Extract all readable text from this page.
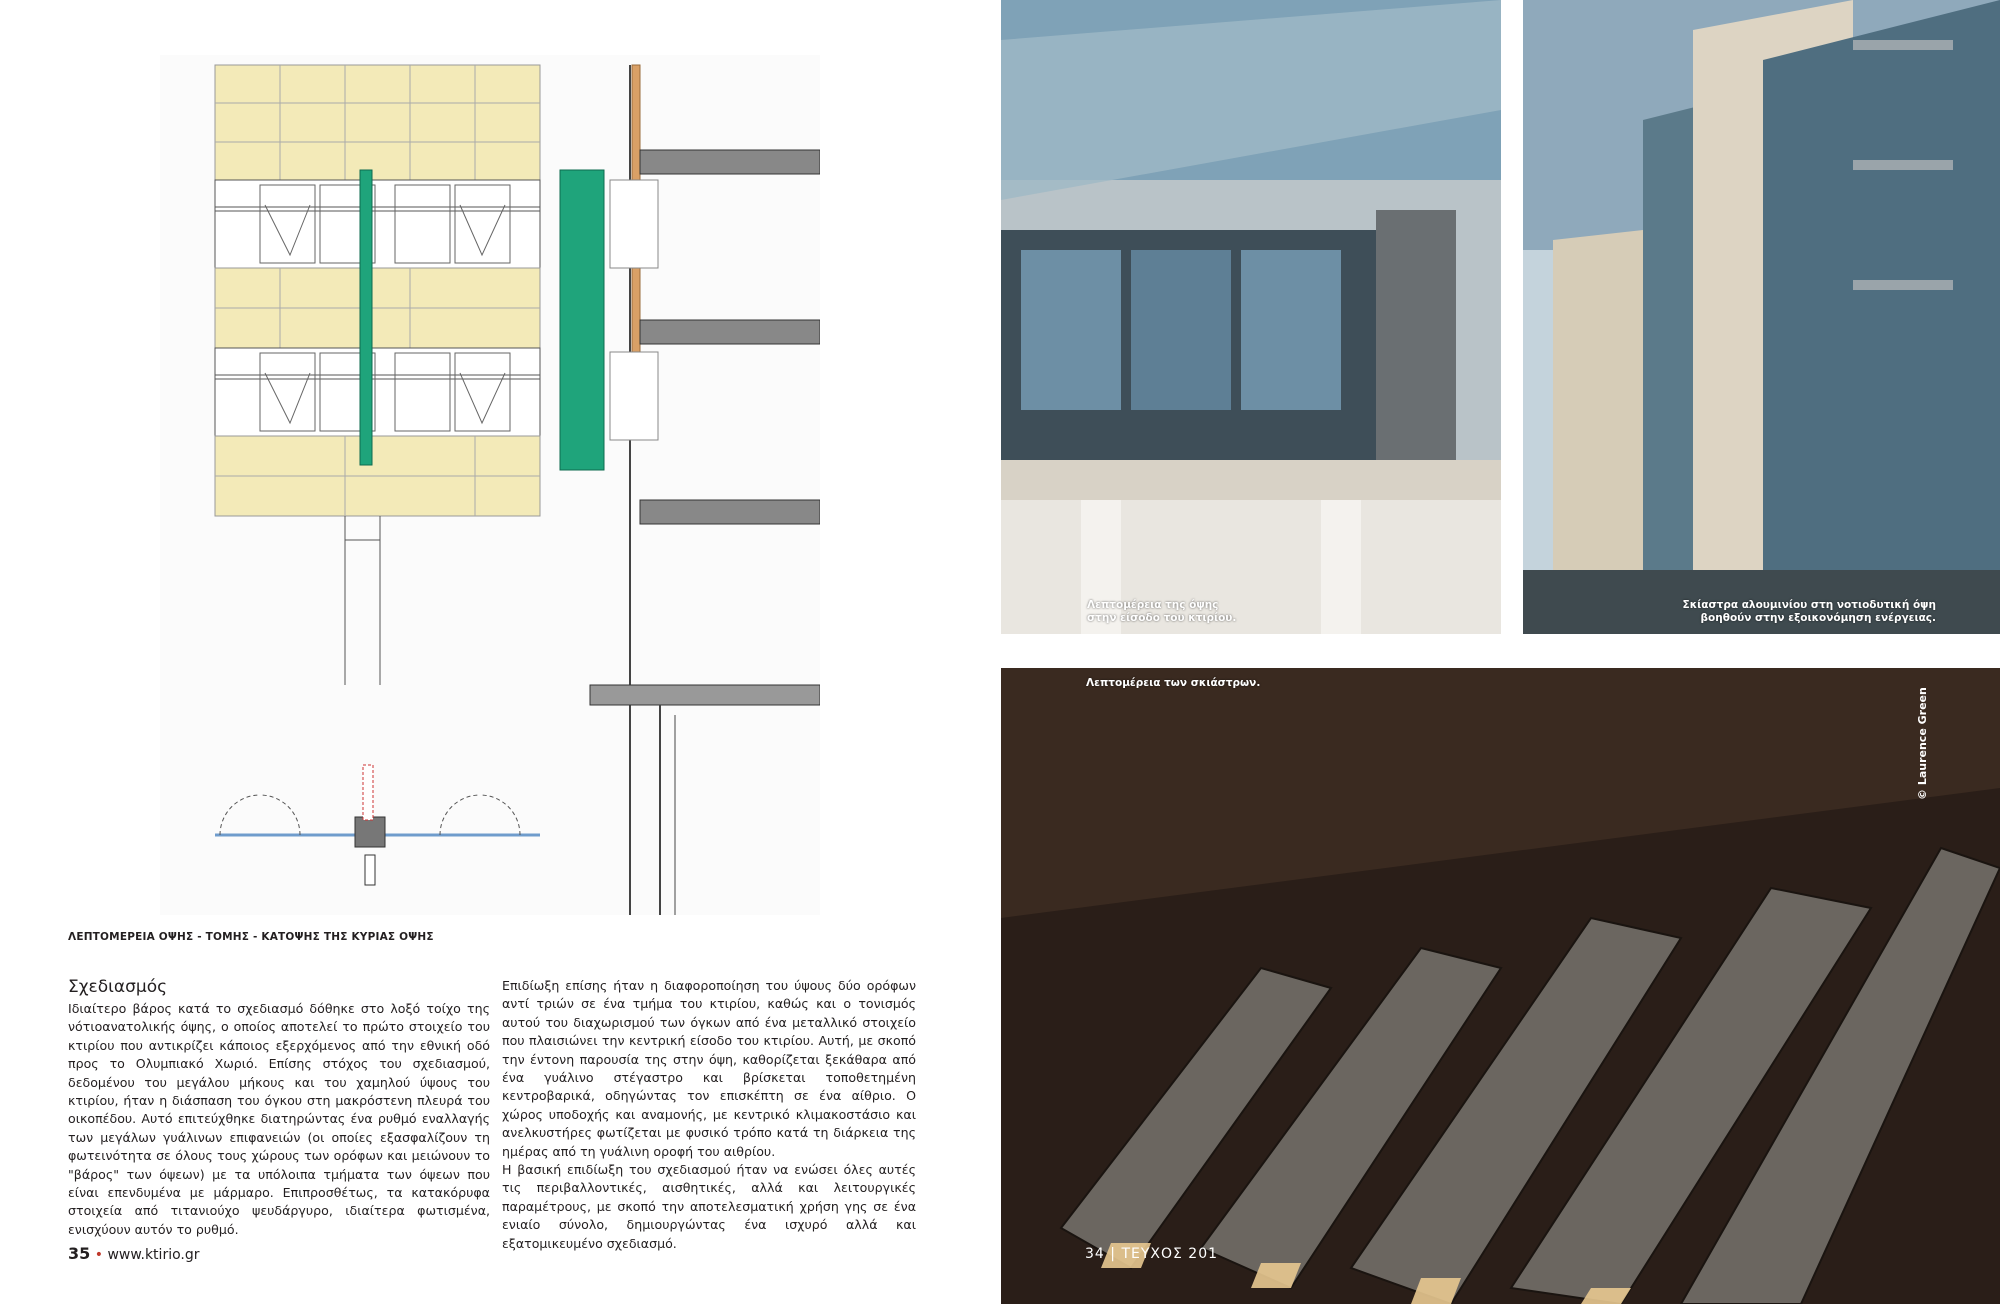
ΛΕΠΤΟΜΕΡΕΙΑ ΟΨΗΣ - ΤΟΜΗΣ - ΚΑΤΟΨΗΣ ΤΗΣ ΚΥΡΙΑΣ ΟΨΗΣ
Σχεδιασμός

Ιδιαίτερο βάρος κατά το σχεδιασμό δόθηκε στο λοξό τοίχο της νότιοανατολικής όψης, ο οποίος αποτελεί το πρώτο στοιχείο του κτιρίου που αντικρίζει κάποιος εξερχόμενος από την εθνική οδό προς το Ολυμπιακό Χωριό. Επίσης στόχος του σχεδιασμού, δεδομένου του μεγάλου μήκους και του χαμηλού ύψους του κτιρίου, ήταν η διάσπαση του όγκου στη μακρόστενη πλευρά του οικοπέδου. Αυτό επιτεύχθηκε διατηρώντας ένα ρυθμό εναλλαγής των μεγάλων γυάλινων επιφανειών (οι οποίες εξασφαλίζουν τη φωτεινότητα σε όλους τους χώρους των ορόφων και μειώνουν το "βάρος" των όψεων) με τα υπόλοιπα τμήματα των όψεων που είναι επενδυμένα με μάρμαρο. Επιπροσθέτως, τα κατακόρυφα στοιχεία από τιτανιούχο ψευδάργυρο, ιδιαίτερα φωτισμένα, ενισχύουν αυτόν το ρυθμό.

Επιδίωξη επίσης ήταν η διαφοροποίηση του ύψους δύο ορόφων αντί τριών σε ένα τμήμα του κτιρίου, καθώς και ο τονισμός αυτού του διαχωρισμού των όγκων από ένα μεταλλικό στοιχείο που πλαισιώνει την κεντρική είσοδο του κτιρίου. Αυτή, με σκοπό την έντονη παρουσία της στην όψη, καθορίζεται ξεκάθαρα από ένα γυάλινο στέγαστρο και βρίσκεται τοποθετημένη κεντροβαρικά, οδηγώντας τον επισκέπτη σε ένα αίθριο. Ο χώρος υποδοχής και αναμονής, με κεντρικό κλιμακοστάσιο και ανελκυστήρες φωτίζεται με φυσικό τρόπο κατά τη διάρκεια της ημέρας από τη γυάλινη οροφή του αιθρίου.

Η βασική επιδίωξη του σχεδιασμού ήταν να ενώσει όλες αυτές τις περιβαλλοντικές, αισθητικές, αλλά και λειτουργικές παραμέτρους, με σκοπό την αποτελεσματική χρήση γης σε ένα ενιαίο σύνολο, δημιουργώντας ένα ισχυρό αλλά και εξατομικευμένο σχεδιασμό.

35 • www.ktirio.gr
Λεπτομέρεια της όψης
στην είσοδο του κτιρίου.
Σκίαστρα αλουμινίου στη νοτιοδυτική όψη
βοηθούν στην εξοικονόμηση ενέργειας.
Λεπτομέρεια των σκιάστρων.
© Laurence Green
34 | ΤΕΥΧΟΣ 201
